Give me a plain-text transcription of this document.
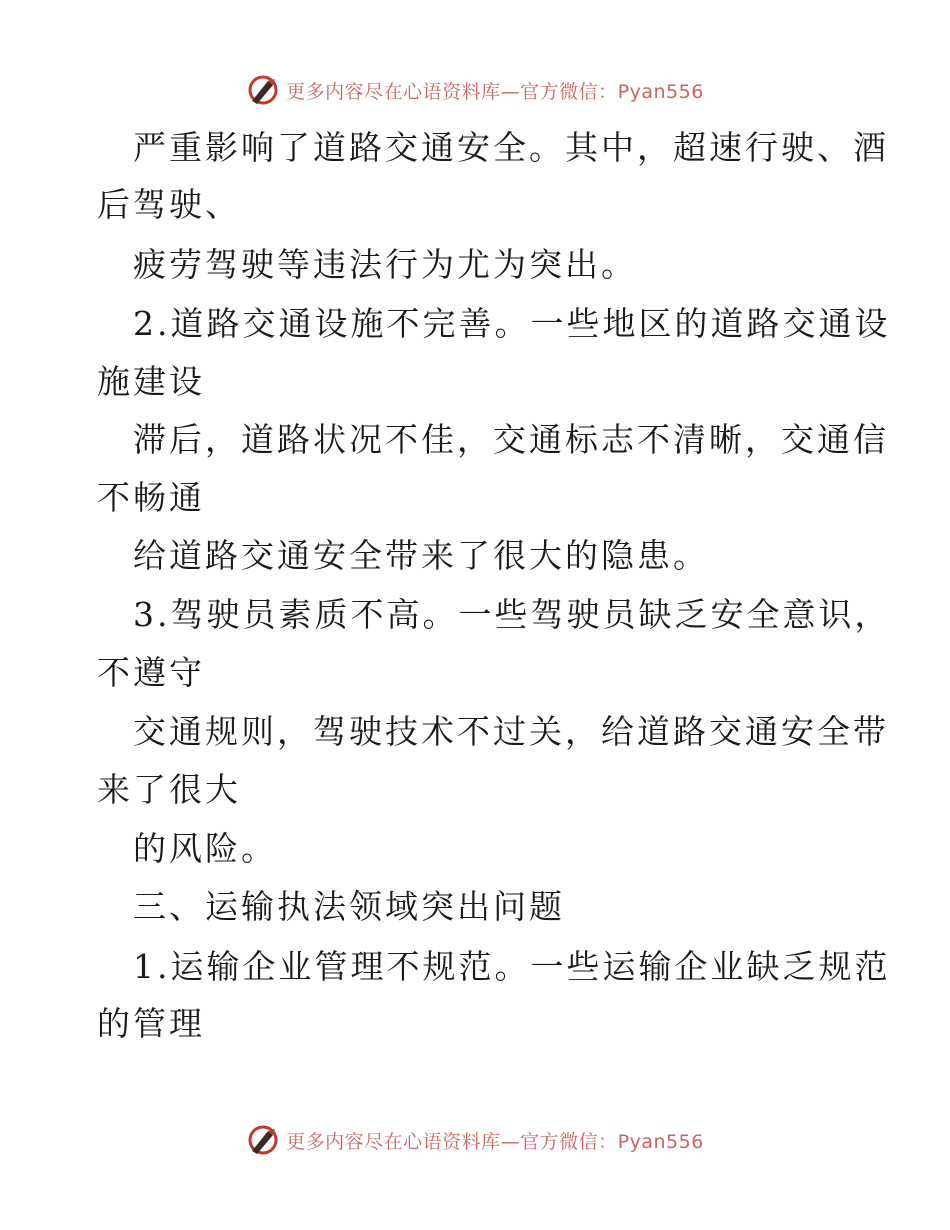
更多内容尽在心语资料库—官方微信：Pyan556
严重影响了道路交通安全。其中，超速行驶、酒
后驾驶、
疲劳驾驶等违法行为尤为突出。
2.道路交通设施不完善。一些地区的道路交通设
施建设
滞后，道路状况不佳，交通标志不清晰，交通信
不畅通
给道路交通安全带来了很大的隐患。
3.驾驶员素质不高。一些驾驶员缺乏安全意识，
不遵守
交通规则，驾驶技术不过关，给道路交通安全带
来了很大
的风险。
三、运输执法领域突出问题
1.运输企业管理不规范。一些运输企业缺乏规范
的管理
更多内容尽在心语资料库—官方微信：Pyan556
